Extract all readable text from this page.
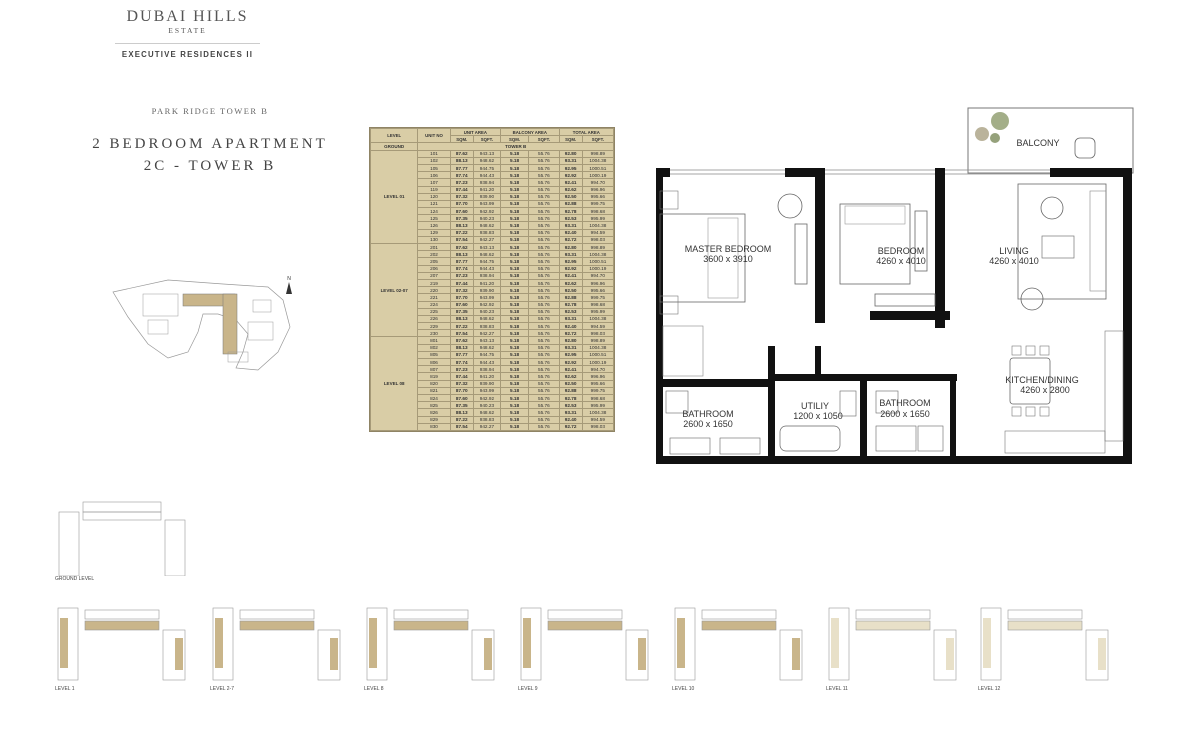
DUBAI HILLS
ESTATE
EXECUTIVE RESIDENCES II
PARK RIDGE TOWER B
2 BEDROOM APARTMENT
2C - TOWER B
N
LEVEL	UNIT NO	UNIT AREA		BALCONY AREA		TOTAL AREA	
		SQM.	SQFT.	SQM.	SQFT.	SQM.	SQFT.
GROUND	TOWER B						
LEVEL 01	101	87.62	943.13	5.18	55.76	92.80	998.89
	102	88.13	948.62	5.18	55.76	93.31	1004.38
	105	87.77	944.75	5.18	55.76	92.95	1000.51
	106	87.74	944.43	5.18	55.76	92.92	1000.19
	107	87.23	938.94	5.18	55.76	92.41	994.70
	119	87.44	941.20	5.18	55.76	92.62	996.96
	120	87.32	939.90	5.18	55.76	92.50	995.66
	121	87.70	943.99	5.18	55.76	92.88	999.75
	124	87.60	942.92	5.18	55.76	92.78	998.68
	125	87.35	940.23	5.18	55.76	92.53	995.99
	126	88.13	948.62	5.18	55.76	93.31	1004.38
	129	87.22	938.83	5.18	55.76	92.40	994.59
	130	87.54	942.27	5.18	55.76	92.72	998.03
LEVEL 02-07	201	87.62	943.13	5.18	55.76	92.80	998.89
	202	88.13	948.62	5.18	55.76	93.31	1004.38
	205	87.77	944.75	5.18	55.76	92.95	1000.51
	206	87.74	944.43	5.18	55.76	92.92	1000.19
	207	87.23	938.94	5.18	55.76	92.41	994.70
	219	87.44	941.20	5.18	55.76	92.62	996.96
	220	87.32	939.90	5.18	55.76	92.50	995.66
	221	87.70	943.99	5.18	55.76	92.88	999.75
	224	87.60	942.92	5.18	55.76	92.78	998.68
	225	87.35	940.23	5.18	55.76	92.53	995.99
	226	88.13	948.62	5.18	55.76	93.31	1004.38
	229	87.22	938.83	5.18	55.76	92.40	994.59
	230	87.54	942.27	5.18	55.76	92.72	998.03
LEVEL 08	801	87.62	943.13	5.18	55.76	92.80	998.89
	802	88.13	948.62	5.18	55.76	93.31	1004.38
	805	87.77	944.75	5.18	55.76	92.95	1000.51
	806	87.74	944.43	5.18	55.76	92.92	1000.19
	807	87.23	938.94	5.18	55.76	92.41	994.70
	819	87.44	941.20	5.18	55.76	92.62	996.96
	820	87.32	939.90	5.18	55.76	92.50	995.66
	821	87.70	943.99	5.18	55.76	92.88	999.75
	824	87.60	942.92	5.18	55.76	92.78	998.68
	825	87.35	940.23	5.18	55.76	92.53	995.99
	826	88.13	948.62	5.18	55.76	93.31	1004.38
	829	87.22	938.83	5.18	55.76	92.40	994.59
	830	87.54	942.27	5.18	55.76	92.72	998.03
BALCONY
MASTER BEDROOM
3600 x 3910
BEDROOM
4260 x 4010
LIVING
4260 x 4010
KITCHEN/DINING
4260 x 2800
BATHROOM
2600 x 1650
UTILIY
1200 x 1050
BATHROOM
2600 x 1650
GROUND LEVEL
LEVEL 1	LEVEL 2-7	LEVEL 8	LEVEL 9	LEVEL 10	LEVEL 11	LEVEL 12
